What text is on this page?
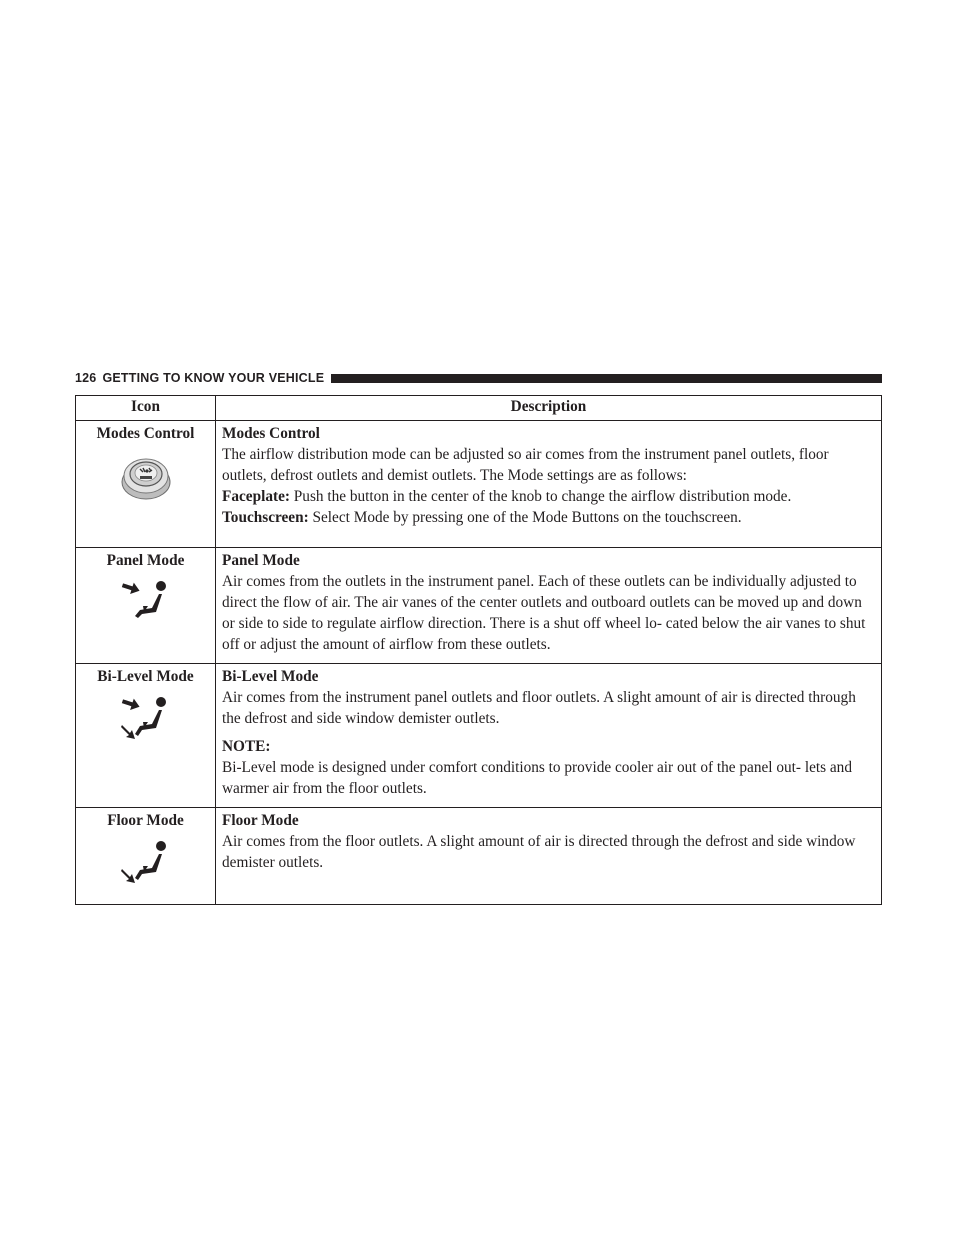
126 GETTING TO KNOW YOUR VEHICLE
Icon	Description

Modes Control	Modes Control
The airflow distribution mode can be adjusted so air comes from the instrument panel outlets, floor outlets, defrost outlets and demist outlets. The Mode settings are as follows:
Faceplate: Push the button in the center of the knob to change the airflow distribution mode.
Touchscreen: Select Mode by pressing one of the Mode Buttons on the touchscreen.

Panel Mode	Panel Mode
Air comes from the outlets in the instrument panel. Each of these outlets can be individually adjusted to direct the flow of air. The air vanes of the center outlets and outboard outlets can be moved up and down or side to side to regulate airflow direction. There is a shut off wheel lo- cated below the air vanes to shut off or adjust the amount of airflow from these outlets.

Bi-Level Mode	Bi-Level Mode
Air comes from the instrument panel outlets and floor outlets. A slight amount of air is directed through the defrost and side window demister outlets.
NOTE:
Bi-Level mode is designed under comfort conditions to provide cooler air out of the panel out- lets and warmer air from the floor outlets.

Floor Mode	Floor Mode
Air comes from the floor outlets. A slight amount of air is directed through the defrost and side window demister outlets.
